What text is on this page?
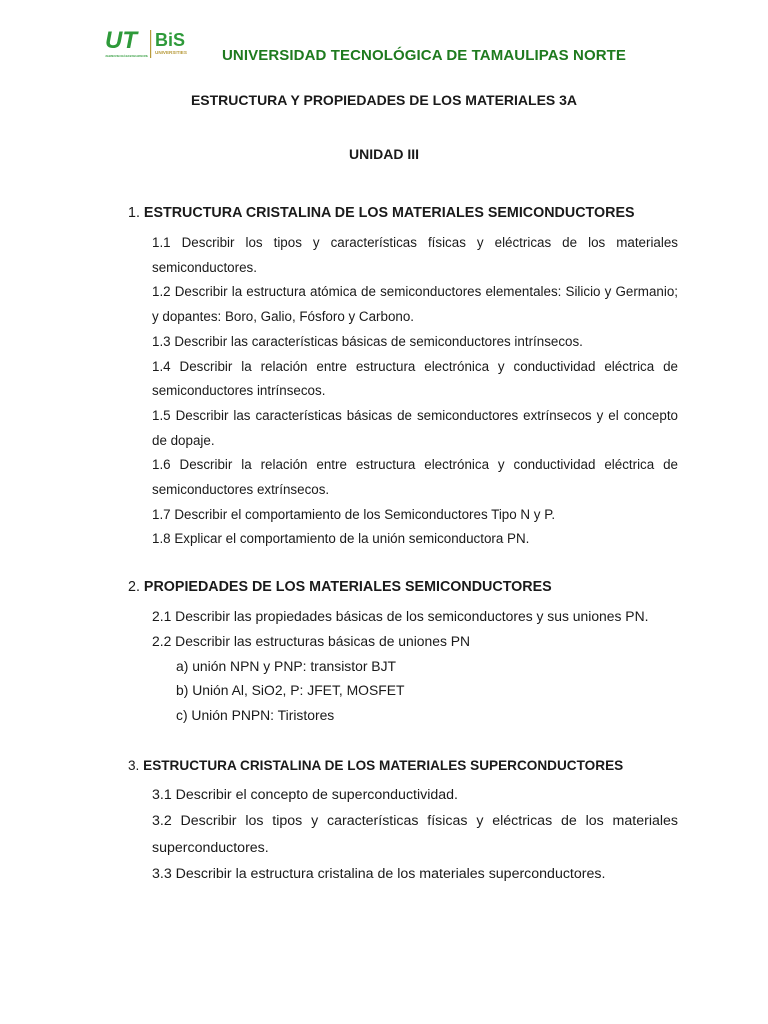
UT BiS
UNIVERSITIES
UNIVERSIDAD TECNOLÓGICA DE TAMAULIPAS NORTE	UNIVERSIDAD TECNOLÓGICA DE TAMAULIPAS NORTE
ESTRUCTURA Y PROPIEDADES DE LOS MATERIALES 3A
UNIDAD III
1. ESTRUCTURA CRISTALINA DE LOS MATERIALES SEMICONDUCTORES

1.1 Describir los tipos y características físicas y eléctricas de los materiales semiconductores.

1.2 Describir la estructura atómica de semiconductores elementales: Silicio y Germanio; y dopantes: Boro, Galio, Fósforo y Carbono.

1.3 Describir las características básicas de semiconductores intrínsecos.

1.4 Describir la relación entre estructura electrónica y conductividad eléctrica de semiconductores intrínsecos.

1.5 Describir las características básicas de semiconductores extrínsecos y el concepto de dopaje.

1.6 Describir la relación entre estructura electrónica y conductividad eléctrica de semiconductores extrínsecos.

1.7 Describir el comportamiento de los Semiconductores Tipo N y P.

1.8 Explicar el comportamiento de la unión semiconductora PN.

2. PROPIEDADES DE LOS MATERIALES SEMICONDUCTORES

2.1 Describir las propiedades básicas de los semiconductores y sus uniones PN.

2.2 Describir las estructuras básicas de uniones PN

a) unión NPN y PNP: transistor BJT

b) Unión Al, SiO2, P: JFET, MOSFET

c) Unión PNPN: Tiristores

3. ESTRUCTURA CRISTALINA DE LOS MATERIALES SUPERCONDUCTORES

3.1 Describir el concepto de superconductividad.

3.2 Describir los tipos y características físicas y eléctricas de los materiales superconductores.

3.3 Describir la estructura cristalina de los materiales superconductores.
